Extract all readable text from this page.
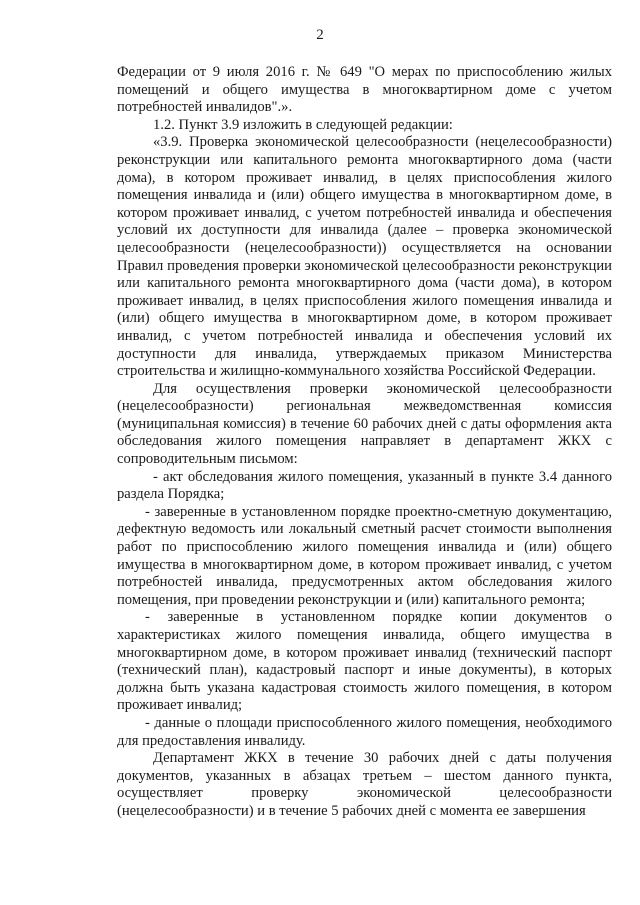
2

Федерации от 9 июля 2016 г. № 649 "О мерах по приспособлению жилых помещений и общего имущества в многоквартирном доме с учетом потребностей инвалидов".».

1.2. Пункт 3.9 изложить в следующей редакции:

«3.9. Проверка экономической целесообразности (нецелесообразности) реконструкции или капитального ремонта многоквартирного дома (части дома), в котором проживает инвалид, в целях приспособления жилого помещения инвалида и (или) общего имущества в многоквартирном доме, в котором проживает инвалид, с учетом потребностей инвалида и обеспечения условий их доступности для инвалида (далее – проверка экономической целесообразности (нецелесообразности)) осуществляется на основании Правил проведения проверки экономической целесообразности реконструкции или капитального ремонта многоквартирного дома (части дома), в котором проживает инвалид, в целях приспособления жилого помещения инвалида и (или) общего имущества в многоквартирном доме, в котором проживает инвалид, с учетом потребностей инвалида и обеспечения условий их доступности для инвалида, утверждаемых приказом Министерства строительства и жилищно-коммунального хозяйства Российской Федерации.

Для осуществления проверки экономической целесообразности (нецелесообразности) региональная межведомственная комиссия (муниципальная комиссия) в течение 60 рабочих дней с даты оформления акта обследования жилого помещения направляет в департамент ЖКХ с сопроводительным письмом:

- акт обследования жилого помещения, указанный в пункте 3.4 данного раздела Порядка;

- заверенные в установленном порядке проектно-сметную документацию, дефектную ведомость или локальный сметный расчет стоимости выполнения работ по приспособлению жилого помещения инвалида и (или) общего имущества в многоквартирном доме, в котором проживает инвалид, с учетом потребностей инвалида, предусмотренных актом обследования жилого помещения, при проведении реконструкции и (или) капитального ремонта;

- заверенные в установленном порядке копии документов о характеристиках жилого помещения инвалида, общего имущества в многоквартирном доме, в котором проживает инвалид (технический паспорт (технический план), кадастровый паспорт и иные документы), в которых должна быть указана кадастровая стоимость жилого помещения, в котором проживает инвалид;

- данные о площади приспособленного жилого помещения, необходимого для предоставления инвалиду.

Департамент ЖКХ в течение 30 рабочих дней с даты получения документов, указанных в абзацах третьем – шестом данного пункта, осуществляет проверку экономической целесообразности (нецелесообразности) и в течение 5 рабочих дней с момента ее завершения
